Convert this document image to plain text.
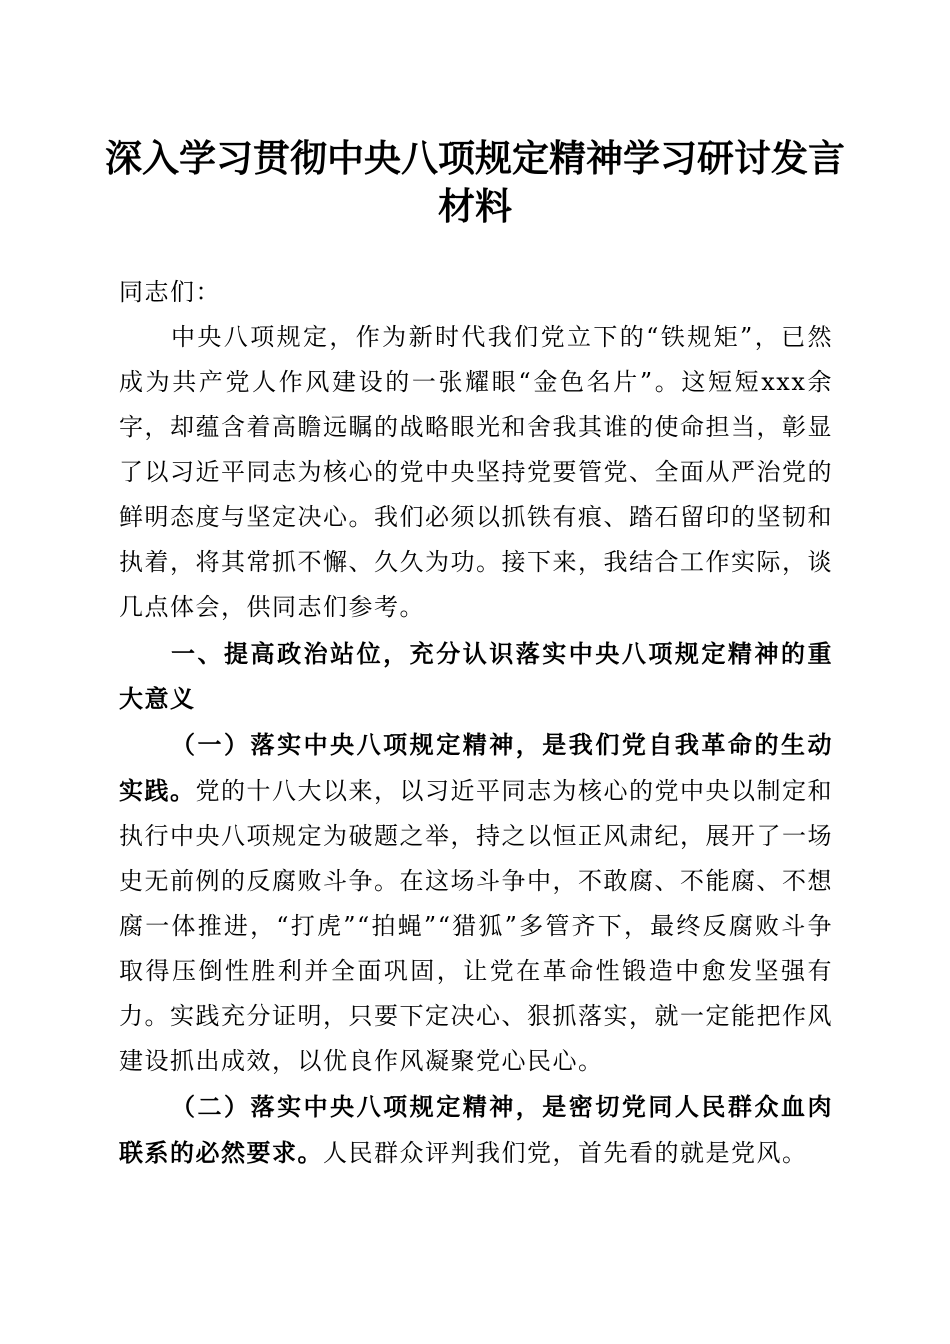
深入学习贯彻中央八项规定精神学习研讨发言
材料

同志们：

中央八项规定，作为新时代我们党立下的“铁规矩”，已然成为共产党人作风建设的一张耀眼“金色名片”。这短短xxx余字，却蕴含着高瞻远瞩的战略眼光和舍我其谁的使命担当，彰显了以习近平同志为核心的党中央坚持党要管党、全面从严治党的鲜明态度与坚定决心。我们必须以抓铁有痕、踏石留印的坚韧和执着，将其常抓不懈、久久为功。接下来，我结合工作实际，谈几点体会，供同志们参考。

一、提高政治站位，充分认识落实中央八项规定精神的重大意义

（一）落实中央八项规定精神，是我们党自我革命的生动实践。党的十八大以来，以习近平同志为核心的党中央以制定和执行中央八项规定为破题之举，持之以恒正风肃纪，展开了一场史无前例的反腐败斗争。在这场斗争中，不敢腐、不能腐、不想腐一体推进，“打虎”“拍蝇”“猎狐”多管齐下，最终反腐败斗争取得压倒性胜利并全面巩固，让党在革命性锻造中愈发坚强有力。实践充分证明，只要下定决心、狠抓落实，就一定能把作风建设抓出成效，以优良作风凝聚党心民心。

（二）落实中央八项规定精神，是密切党同人民群众血肉联系的必然要求。人民群众评判我们党，首先看的就是党风。
